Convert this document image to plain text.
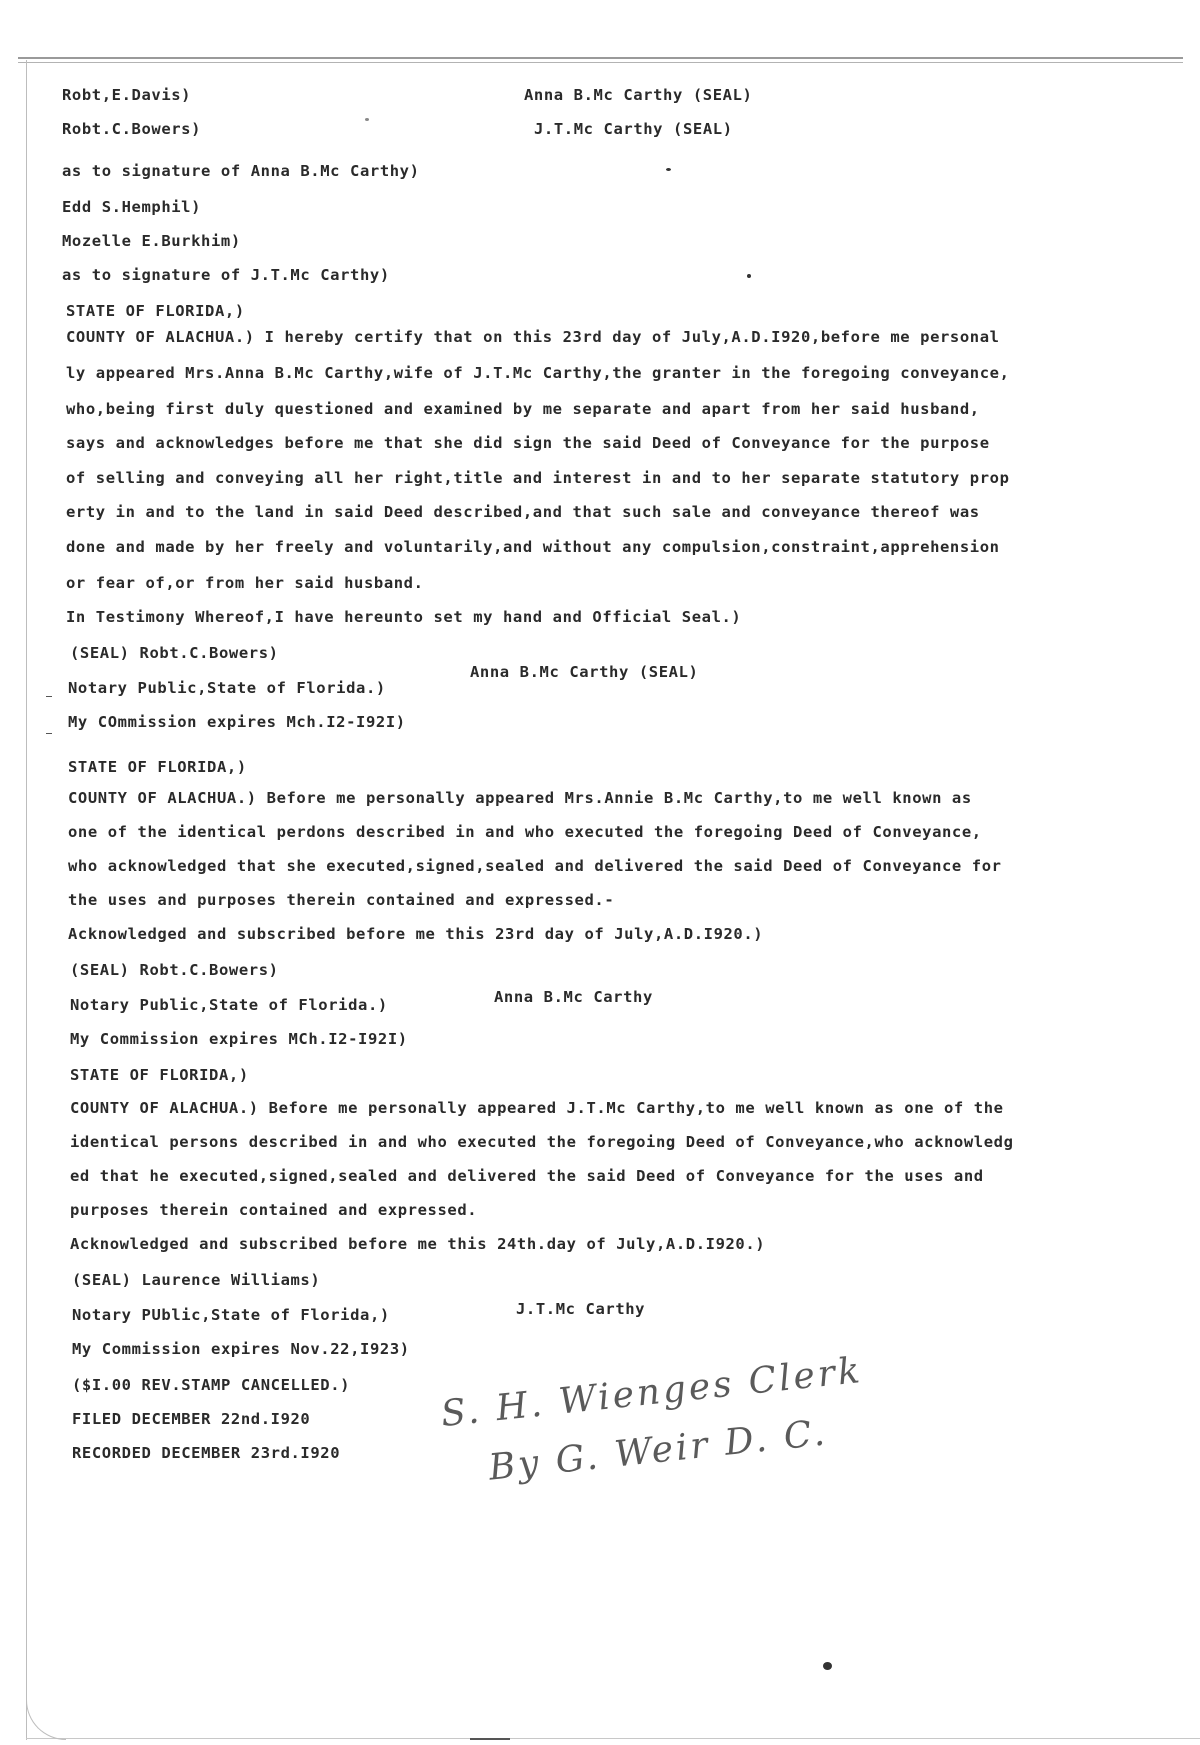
Robt,E.Davis)	Anna B.Mc Carthy (SEAL)
Robt.C.Bowers)	J.T.Mc Carthy (SEAL)
as to signature of Anna B.Mc Carthy)
Edd S.Hemphil)
Mozelle E.Burkhim)
as to signature of J.T.Mc Carthy)
STATE OF FLORIDA,)
COUNTY OF ALACHUA.) I hereby certify that on this 23rd day of July,A.D.I920,before me personal
ly appeared Mrs.Anna B.Mc Carthy,wife of J.T.Mc Carthy,the granter in the foregoing conveyance,
who,being first duly questioned and examined by me separate and apart from her said husband,
says and acknowledges before me that she did sign the said Deed of Conveyance for the purpose
of selling and conveying all her right,title and interest in and to her separate statutory prop
erty in and to the land in said Deed described,and that such sale and conveyance thereof was
done and made by her freely and voluntarily,and without any compulsion,constraint,apprehension
or fear of,or from her said husband.
In Testimony Whereof,I have hereunto set my hand and Official Seal.)
(SEAL) Robt.C.Bowers)
Notary Public,State of Florida.)
Anna B.Mc Carthy (SEAL)
My COmmission expires Mch.I2-I92I)
STATE OF FLORIDA,)
COUNTY OF ALACHUA.) Before me personally appeared Mrs.Annie B.Mc Carthy,to me well known as
one of the identical perdons described in and who executed the foregoing Deed of Conveyance,
who acknowledged that she executed,signed,sealed and delivered the said Deed of Conveyance for
the uses and purposes therein contained and expressed.-
Acknowledged and subscribed before me this 23rd day of July,A.D.I920.)
(SEAL) Robt.C.Bowers)
Notary Public,State of Florida.)	Anna B.Mc Carthy
My Commission expires MCh.I2-I92I)
STATE OF FLORIDA,)
COUNTY OF ALACHUA.) Before me personally appeared J.T.Mc Carthy,to me well known as one of the
identical persons described in and who executed the foregoing Deed of Conveyance,who acknowledg
ed that he executed,signed,sealed and delivered the said Deed of Conveyance for the uses and
purposes therein contained and expressed.
Acknowledged and subscribed before me this 24th.day of July,A.D.I920.)
(SEAL) Laurence Williams)
Notary PUblic,State of Florida,)	J.T.Mc Carthy
My Commission expires Nov.22,I923)
($I.00 REV.STAMP CANCELLED.)
FILED DECEMBER 22nd.I920
RECORDED DECEMBER 23rd.I920
S. H. Wienges Clerk
By G. Weir D. C.
